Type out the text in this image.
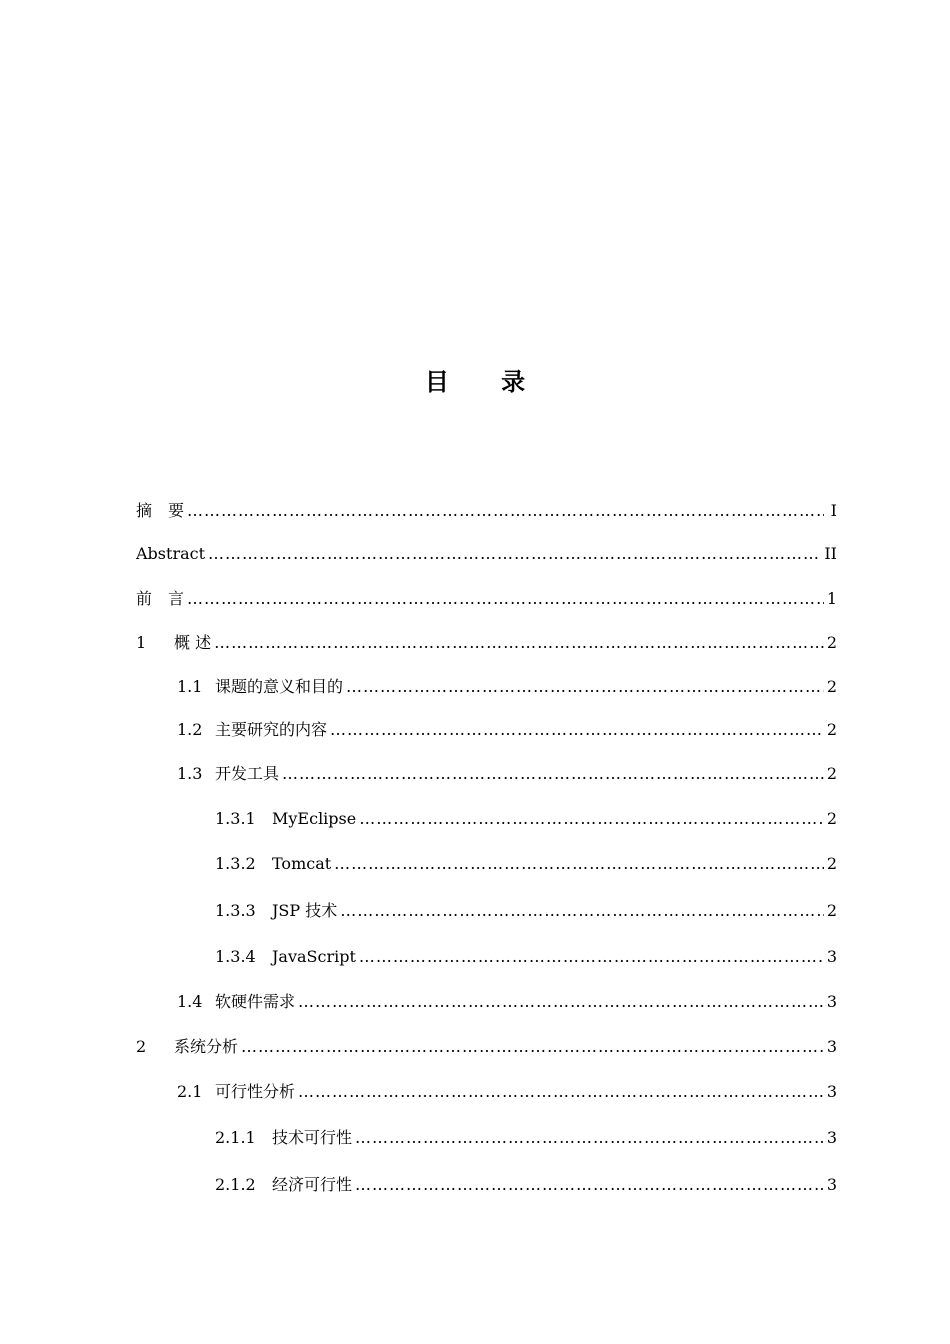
目 录
摘　要 ……………………………………………………………………………………………………………………………………………………………………………………	I
Abstract ……………………………………………………………………………………………………………………………………………………………………………………	II
前　言 ……………………………………………………………………………………………………………………………………………………………………………………	1
1	概 述 ……………………………………………………………………………………………………………………………………………………………………………………	2
1.1 课题的意义和目的 ……………………………………………………………………………………………………………………………………………………………………………………	2
1.2 主要研究的内容 ……………………………………………………………………………………………………………………………………………………………………………………	2
1.3 开发工具 ……………………………………………………………………………………………………………………………………………………………………………………	2
1.3.1	MyEclipse ……………………………………………………………………………………………………………………………………………………………………………………	2
1.3.2	Tomcat ……………………………………………………………………………………………………………………………………………………………………………………	2
1.3.3	JSP 技术 ……………………………………………………………………………………………………………………………………………………………………………………	2
1.3.4	JavaScript ……………………………………………………………………………………………………………………………………………………………………………………	3
1.4 软硬件需求 ……………………………………………………………………………………………………………………………………………………………………………………	3
2	系统分析 ……………………………………………………………………………………………………………………………………………………………………………………	3
2.1 可行性分析 ……………………………………………………………………………………………………………………………………………………………………………………	3
2.1.1	技术可行性 ……………………………………………………………………………………………………………………………………………………………………………………	3
2.1.2	经济可行性 ……………………………………………………………………………………………………………………………………………………………………………………	3
